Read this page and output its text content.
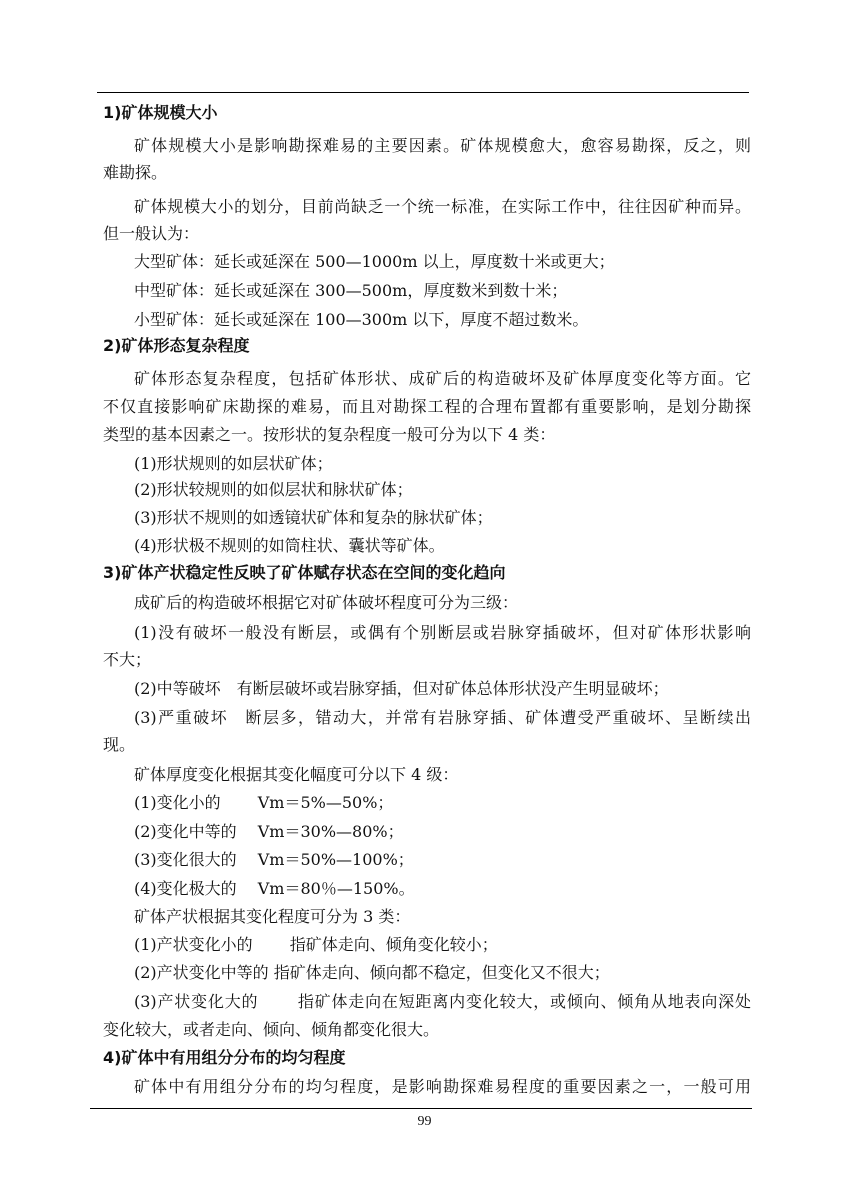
1)矿体规模大小
矿体规模大小是影响勘探难易的主要因素。矿体规模愈大，愈容易勘探，反之，则
难勘探。
矿体规模大小的划分，目前尚缺乏一个统一标准，在实际工作中，往往因矿种而异。
但一般认为：
大型矿体：延长或延深在 500—1000m 以上，厚度数十米或更大；
中型矿体：延长或延深在 300—500m，厚度数米到数十米；
小型矿体：延长或延深在 100—300m 以下，厚度不超过数米。
2)矿体形态复杂程度
矿体形态复杂程度，包括矿体形状、成矿后的构造破坏及矿体厚度变化等方面。它
不仅直接影响矿床勘探的难易，而且对勘探工程的合理布置都有重要影响，是划分勘探
类型的基本因素之一。按形状的复杂程度一般可分为以下 4 类：
(1)形状规则的如层状矿体；
(2)形状较规则的如似层状和脉状矿体；
(3)形状不规则的如透镜状矿体和复杂的脉状矿体；
(4)形状极不规则的如筒柱状、囊状等矿体。
3)矿体产状稳定性反映了矿体赋存状态在空间的变化趋向
成矿后的构造破坏根据它对矿体破坏程度可分为三级：
(1)没有破坏一般没有断层，或偶有个别断层或岩脉穿插破坏，但对矿体形状影响
不大；
(2)中等破坏　有断层破坏或岩脉穿插，但对矿体总体形状没产生明显破坏；
(3)严重破坏　断层多，错动大，并常有岩脉穿插、矿体遭受严重破坏、呈断续出
现。
矿体厚度变化根据其变化幅度可分以下 4 级：
(1)变化小的　　 Vm＝5%—50%；
(2)变化中等的　 Vm＝30%—80%；
(3)变化很大的　 Vm＝50%—100%；
(4)变化极大的　 Vm＝80％—150%。
矿体产状根据其变化程度可分为 3 类：
(1)产状变化小的　　 指矿体走向、倾角变化较小；
(2)产状变化中等的 指矿体走向、倾向都不稳定，但变化又不很大；
(3)产状变化大的　　 指矿体走向在短距离内变化较大，或倾向、倾角从地表向深处
变化较大，或者走向、倾向、倾角都变化很大。
4)矿体中有用组分分布的均匀程度
矿体中有用组分分布的均匀程度，是影响勘探难易程度的重要因素之一，一般可用
99
